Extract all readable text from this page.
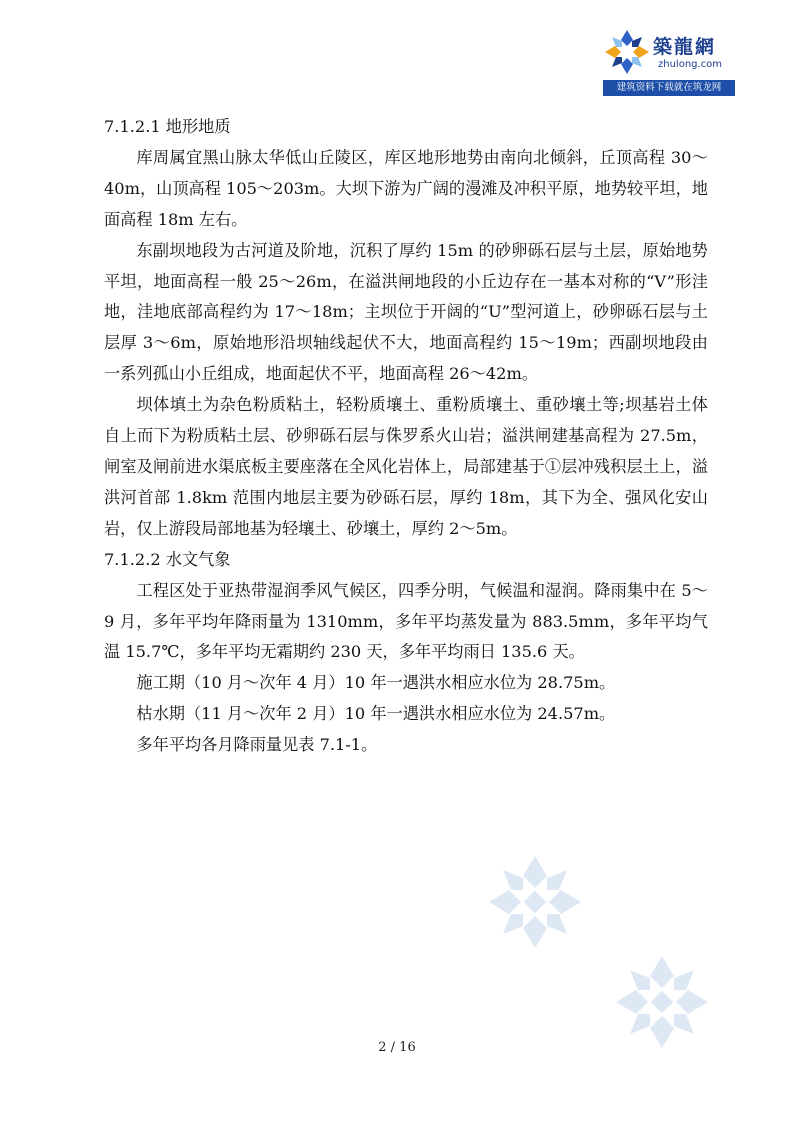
築龍網
zhulong.com
建筑资料下载就在筑龙网

7.1.2.1 地形地质

库周属宜黑山脉太华低山丘陵区，库区地形地势由南向北倾斜，丘顶高程 30～40m，山顶高程 105～203m。大坝下游为广阔的漫滩及冲积平原，地势较平坦，地面高程 18m 左右。

东副坝地段为古河道及阶地，沉积了厚约 15m 的砂卵砾石层与土层，原始地势平坦，地面高程一般 25～26m，在溢洪闸地段的小丘边存在一基本对称的“V”形洼地，洼地底部高程约为 17～18m；主坝位于开阔的“U”型河道上，砂卵砾石层与土层厚 3～6m，原始地形沿坝轴线起伏不大，地面高程约 15～19m；西副坝地段由一系列孤山小丘组成，地面起伏不平，地面高程 26～42m。

坝体填土为杂色粉质粘土，轻粉质壤土、重粉质壤土、重砂壤土等;坝基岩土体自上而下为粉质粘土层、砂卵砾石层与侏罗系火山岩；溢洪闸建基高程为 27.5m，闸室及闸前进水渠底板主要座落在全风化岩体上，局部建基于①层冲残积层土上，溢洪河首部 1.8km 范围内地层主要为砂砾石层，厚约 18m，其下为全、强风化安山岩，仅上游段局部地基为轻壤土、砂壤土，厚约 2～5m。

7.1.2.2 水文气象

工程区处于亚热带湿润季风气候区，四季分明，气候温和湿润。降雨集中在 5～9 月，多年平均年降雨量为 1310mm，多年平均蒸发量为 883.5mm，多年平均气温 15.7℃，多年平均无霜期约 230 天，多年平均雨日 135.6 天。

施工期（10 月～次年 4 月）10 年一遇洪水相应水位为 28.75m。

枯水期（11 月～次年 2 月）10 年一遇洪水相应水位为 24.57m。

多年平均各月降雨量见表 7.1-1。

2 / 16
